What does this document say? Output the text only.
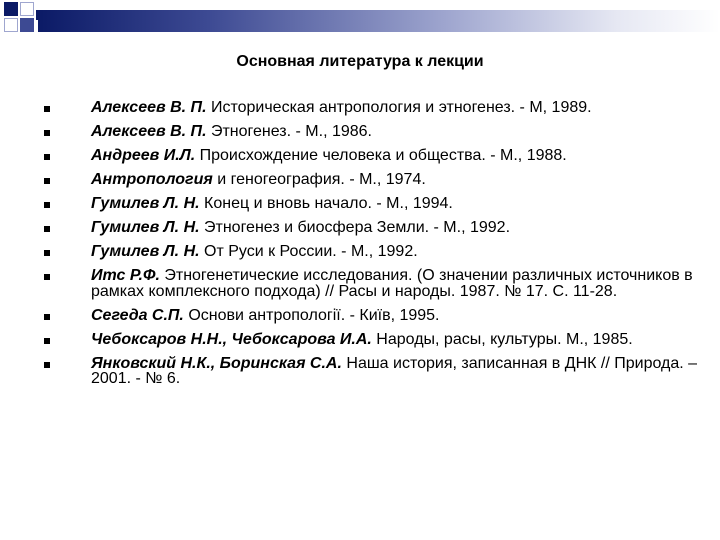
Основная литература к лекции
Алексеев В. П. Историческая антропология и этногенез. - М, 1989.
Алексеев В. П. Этногенез. - М., 1986.
Андреев И.Л. Происхождение человека и общества. - М., 1988.
Антропология и геногеография. - М., 1974.
Гумилев Л. Н. Конец и вновь начало. - М., 1994.
Гумилев Л. Н. Этногенез и биосфера Земли. - М., 1992.
Гумилев Л. Н. От Руси к России. - М., 1992.
Итс Р.Ф. Этногенетические исследования. (О значении различных источников в рамках комплексного подхода) // Расы и народы. 1987. № 17. С. 11-28.
Сегеда С.П. Основи антропології. - Київ, 1995.
Чебоксаров Н.Н., Чебоксарова И.А. Народы, расы, культуры. М., 1985.
Янковский Н.К., Боринская С.А. Наша история, записанная в ДНК // Природа. – 2001. - № 6.
